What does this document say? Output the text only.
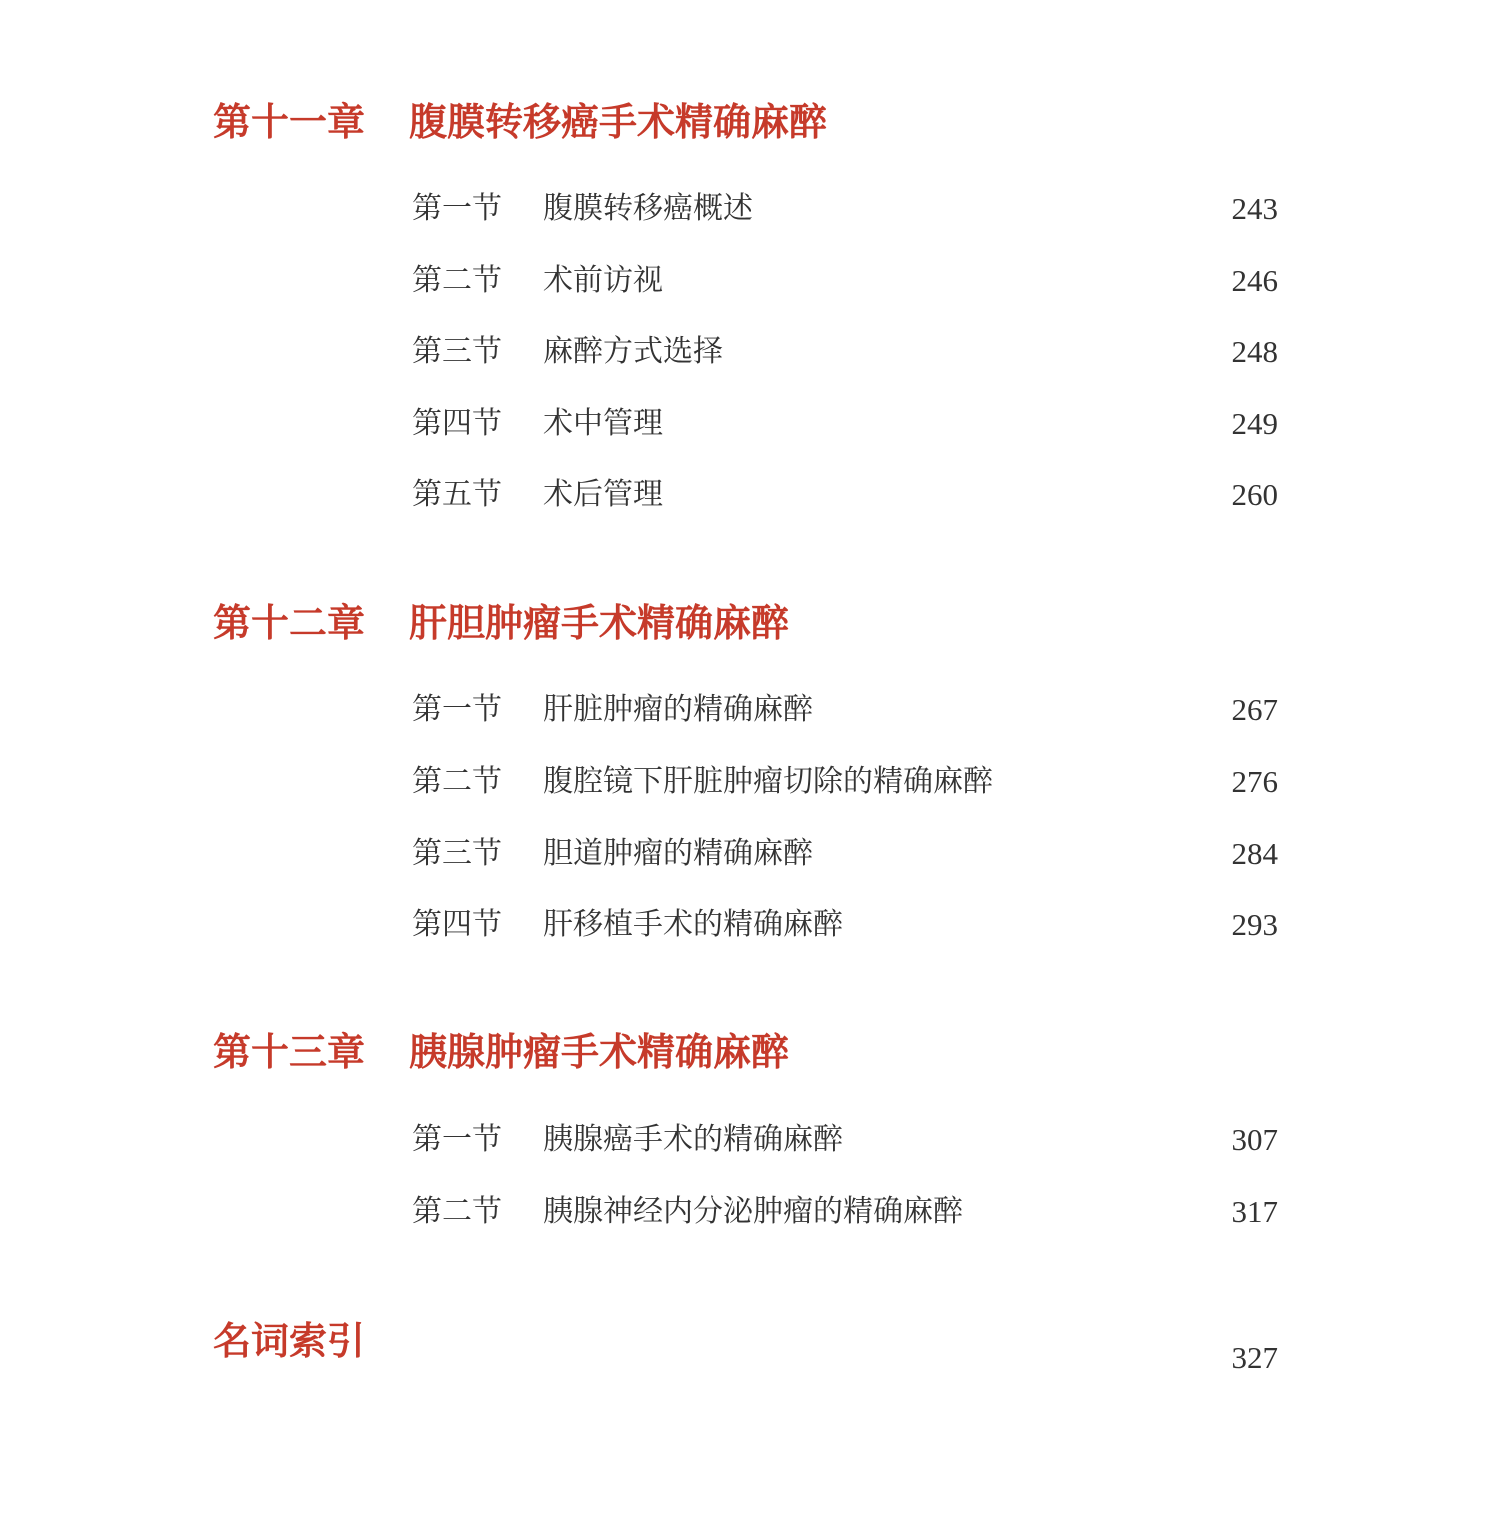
第十一章 腹膜转移癌手术精确麻醉
第一节 腹膜转移癌概述	243
第二节 术前访视	246
第三节 麻醉方式选择	248
第四节 术中管理	249
第五节 术后管理	260
第十二章 肝胆肿瘤手术精确麻醉
第一节 肝脏肿瘤的精确麻醉	267
第二节 腹腔镜下肝脏肿瘤切除的精确麻醉	276
第三节 胆道肿瘤的精确麻醉	284
第四节 肝移植手术的精确麻醉	293
第十三章 胰腺肿瘤手术精确麻醉
第一节 胰腺癌手术的精确麻醉	307
第二节 胰腺神经内分泌肿瘤的精确麻醉	317
名词索引	327
